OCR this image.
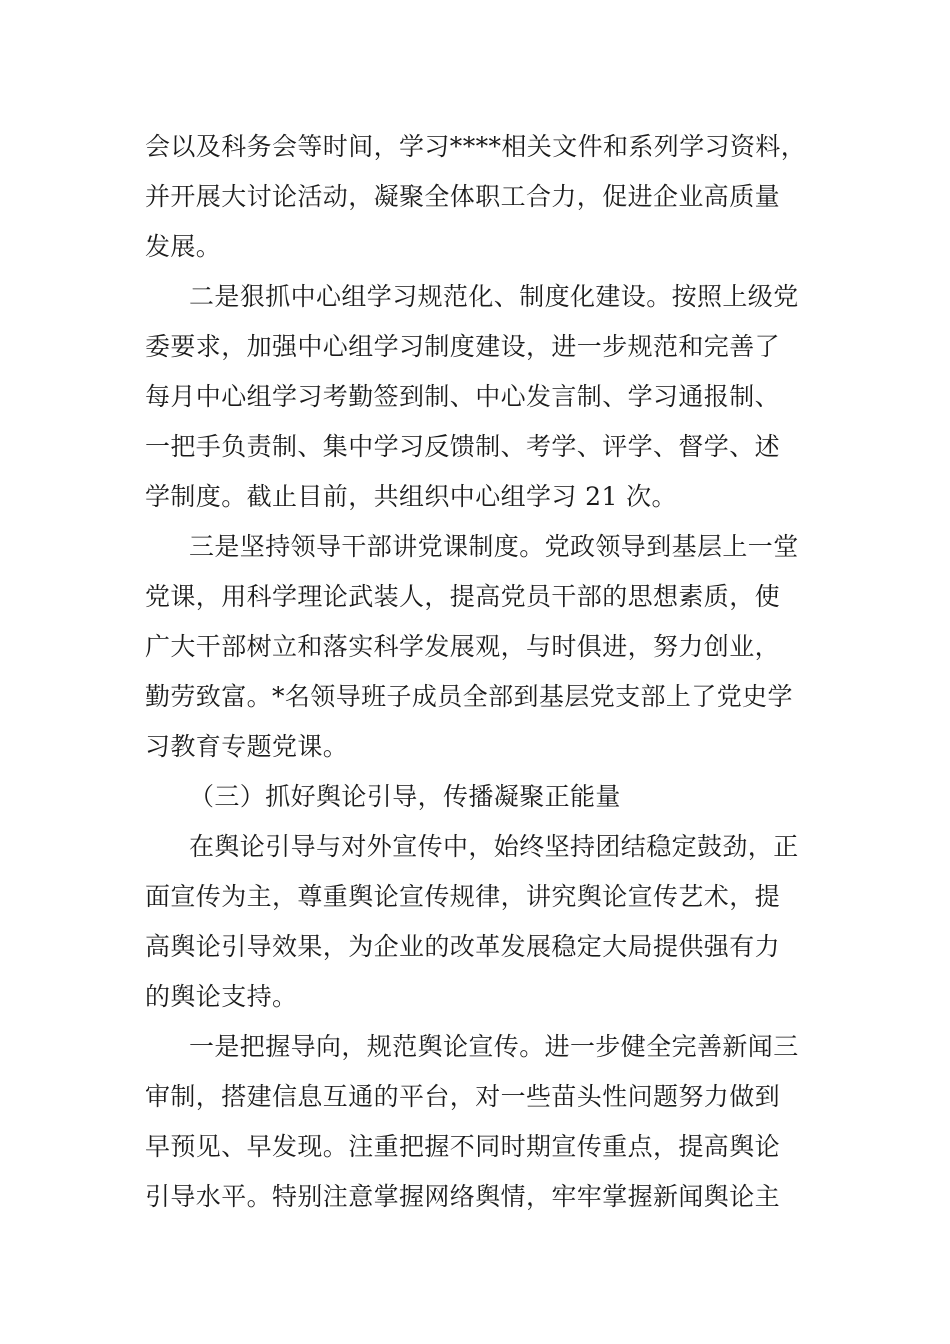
会以及科务会等时间，学习****相关文件和系列学习资料，
并开展大讨论活动，凝聚全体职工合力，促进企业高质量
发展。
二是狠抓中心组学习规范化、制度化建设。按照上级党
委要求，加强中心组学习制度建设，进一步规范和完善了
每月中心组学习考勤签到制、中心发言制、学习通报制、
一把手负责制、集中学习反馈制、考学、评学、督学、述
学制度。截止目前，共组织中心组学习 21 次。
三是坚持领导干部讲党课制度。党政领导到基层上一堂
党课，用科学理论武装人，提高党员干部的思想素质，使
广大干部树立和落实科学发展观，与时俱进，努力创业，
勤劳致富。*名领导班子成员全部到基层党支部上了党史学
习教育专题党课。
（三）抓好舆论引导，传播凝聚正能量
在舆论引导与对外宣传中，始终坚持团结稳定鼓劲，正
面宣传为主，尊重舆论宣传规律，讲究舆论宣传艺术，提
高舆论引导效果，为企业的改革发展稳定大局提供强有力
的舆论支持。
一是把握导向，规范舆论宣传。进一步健全完善新闻三
审制，搭建信息互通的平台，对一些苗头性问题努力做到
早预见、早发现。注重把握不同时期宣传重点，提高舆论
引导水平。特别注意掌握网络舆情，牢牢掌握新闻舆论主
